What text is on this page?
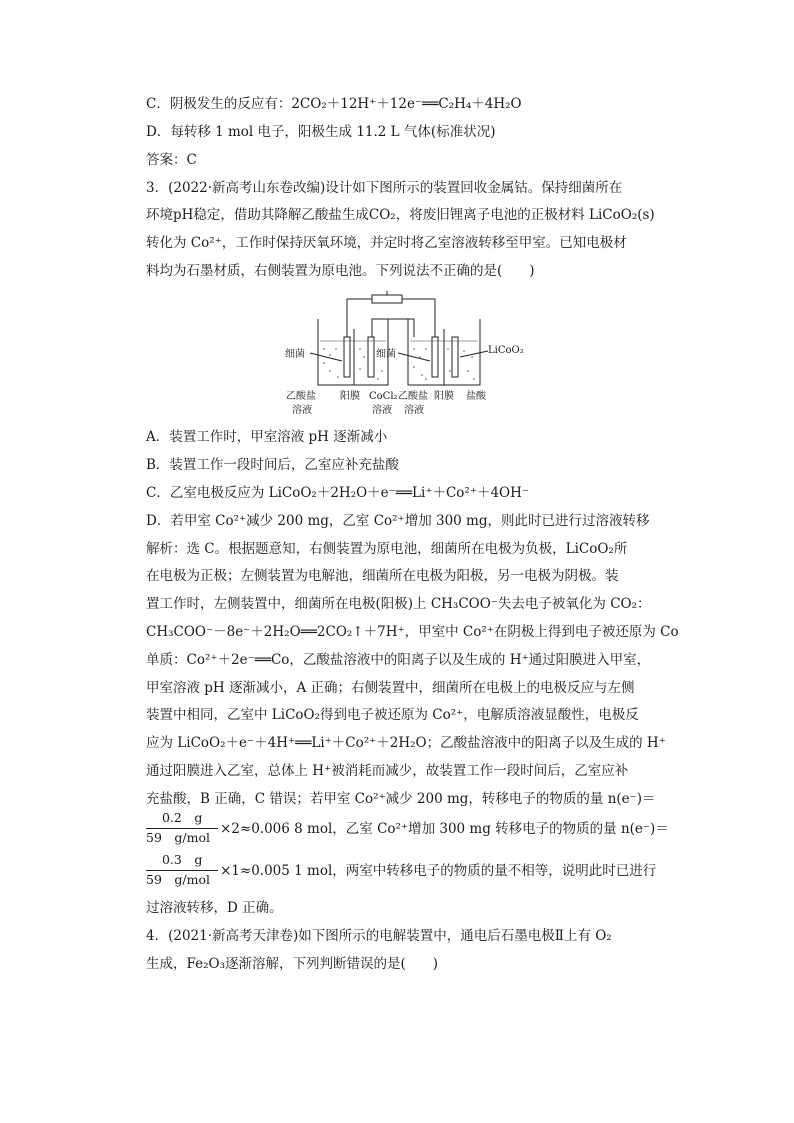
C．阴极发生的反应有：2CO₂＋12H⁺＋12e⁻══C₂H₄＋4H₂O
D．每转移 1 mol 电子，阳极生成 11.2 L 气体(标准状况)
答案：C
3．(2022·新高考山东卷改编)设计如下图所示的装置回收金属钴。保持细菌所在
环境pH稳定，借助其降解乙酸盐生成CO₂，将废旧锂离子电池的正极材料 LiCoO₂(s)
转化为 Co²⁺，工作时保持厌氧环境，并定时将乙室溶液转移至甲室。已知电极材
料均为石墨材质，右侧装置为原电池。下列说法不正确的是(　　)
细菌	细菌	LiCoO₂
乙酸盐
溶液
阳膜 CoCl₂
溶液
乙酸盐
溶液
阳膜 盐酸
A．装置工作时，甲室溶液 pH 逐渐减小
B．装置工作一段时间后，乙室应补充盐酸
C．乙室电极反应为 LiCoO₂＋2H₂O＋e⁻══Li⁺＋Co²⁺＋4OH⁻
D．若甲室 Co²⁺减少 200 mg，乙室 Co²⁺增加 300 mg，则此时已进行过溶液转移
解析：选 C。根据题意知，右侧装置为原电池，细菌所在电极为负极，LiCoO₂所
在电极为正极；左侧装置为电解池，细菌所在电极为阳极，另一电极为阴极。装
置工作时，左侧装置中，细菌所在电极(阳极)上 CH₃COO⁻失去电子被氧化为 CO₂：
CH₃COO⁻－8e⁻＋2H₂O══2CO₂↑＋7H⁺，甲室中 Co²⁺在阴极上得到电子被还原为 Co
单质：Co²⁺＋2e⁻══Co，乙酸盐溶液中的阳离子以及生成的 H⁺通过阳膜进入甲室，
甲室溶液 pH 逐渐减小，A 正确；右侧装置中，细菌所在电极上的电极反应与左侧
装置中相同，乙室中 LiCoO₂得到电子被还原为 Co²⁺，电解质溶液显酸性，电极反
应为 LiCoO₂＋e⁻＋4H⁺══Li⁺＋Co²⁺＋2H₂O；乙酸盐溶液中的阳离子以及生成的 H⁺
通过阳膜进入乙室，总体上 H⁺被消耗而减少，故装置工作一段时间后，乙室应补
充盐酸，B 正确，C 错误；若甲室 Co²⁺减少 200 mg，转移电子的物质的量 n(e⁻)＝
0.2　g
59　g/mol
×2≈0.006 8 mol，乙室 Co²⁺增加 300 mg 转移电子的物质的量 n(e⁻)＝
0.3　g
59　g/mol
×1≈0.005 1 mol，两室中转移电子的物质的量不相等，说明此时已进行
过溶液转移，D 正确。
4．(2021·新高考天津卷)如下图所示的电解装置中，通电后石墨电极Ⅱ上有 O₂
生成，Fe₂O₃逐渐溶解，下列判断错误的是(　　)
